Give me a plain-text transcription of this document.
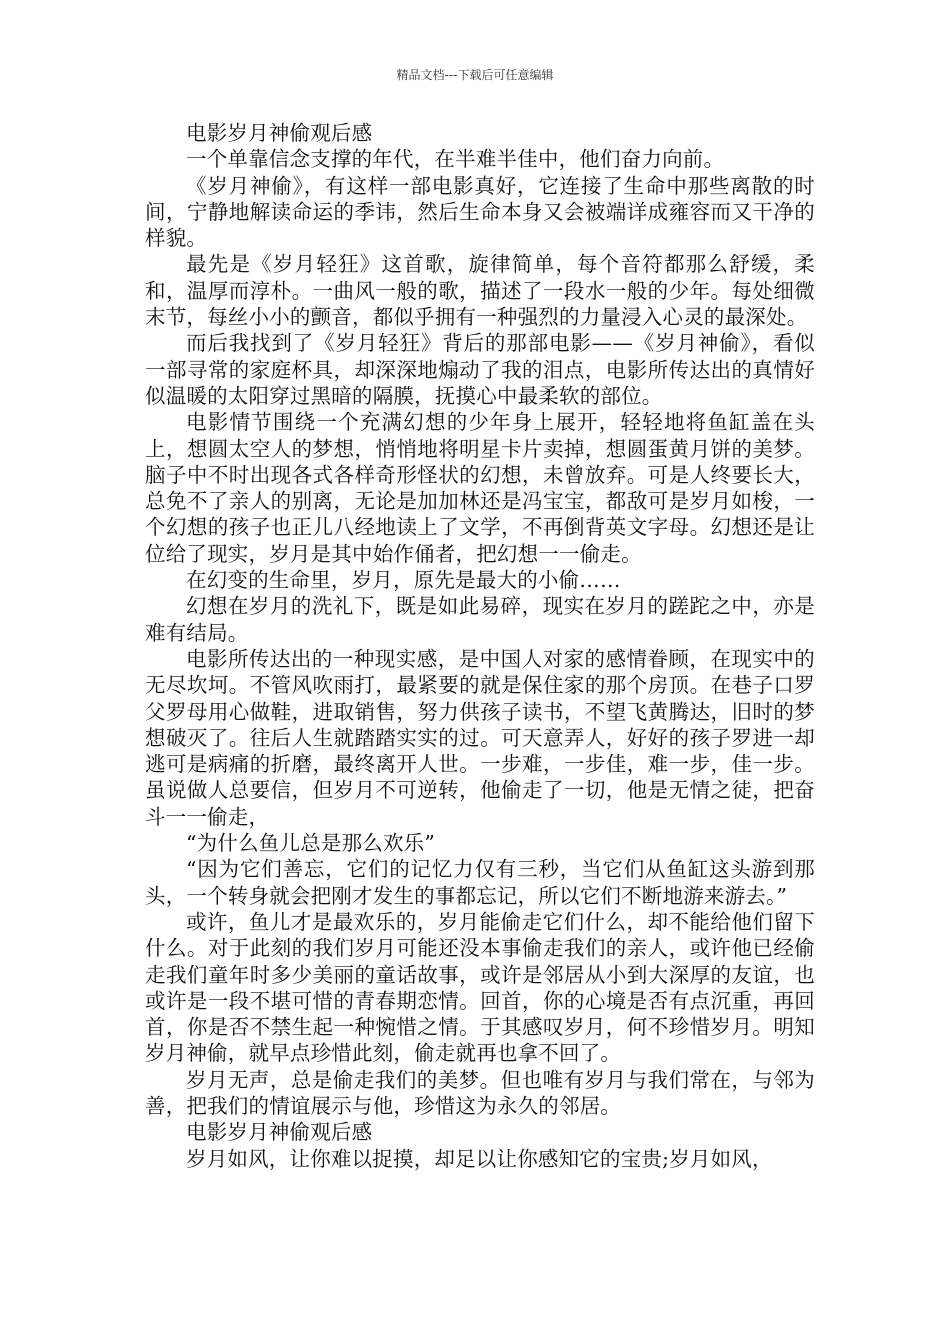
精品文档---下载后可任意编辑

电影岁月神偷观后感

一个单靠信念支撑的年代，在半难半佳中，他们奋力向前。

《岁月神偷》，有这样一部电影真好，它连接了生命中那些离散的时间，宁静地解读命运的季讳，然后生命本身又会被端详成雍容而又干净的样貌。

最先是《岁月轻狂》这首歌，旋律简单，每个音符都那么舒缓，柔和，温厚而淳朴。一曲风一般的歌，描述了一段水一般的少年。每处细微末节，每丝小小的颤音，都似乎拥有一种强烈的力量浸入心灵的最深处。

而后我找到了《岁月轻狂》背后的那部电影——《岁月神偷》，看似一部寻常的家庭杯具，却深深地煽动了我的泪点，电影所传达出的真情好似温暖的太阳穿过黑暗的隔膜，抚摸心中最柔软的部位。

电影情节围绕一个充满幻想的少年身上展开，轻轻地将鱼缸盖在头上，想圆太空人的梦想，悄悄地将明星卡片卖掉，想圆蛋黄月饼的美梦。脑子中不时出现各式各样奇形怪状的幻想，未曾放弃。可是人终要长大，总免不了亲人的别离，无论是加加林还是冯宝宝，都敌可是岁月如梭，一个幻想的孩子也正儿八经地读上了文学，不再倒背英文字母。幻想还是让位给了现实，岁月是其中始作俑者，把幻想一一偷走。

在幻变的生命里，岁月，原先是最大的小偷……

幻想在岁月的洗礼下，既是如此易碎，现实在岁月的蹉跎之中，亦是难有结局。

电影所传达出的一种现实感，是中国人对家的感情眷顾，在现实中的无尽坎坷。不管风吹雨打，最紧要的就是保住家的那个房顶。在巷子口罗父罗母用心做鞋，进取销售，努力供孩子读书，不望飞黄腾达，旧时的梦想破灭了。往后人生就踏踏实实的过。可天意弄人，好好的孩子罗进一却逃可是病痛的折磨，最终离开人世。一步难，一步佳，难一步，佳一步。虽说做人总要信，但岁月不可逆转，他偷走了一切，他是无情之徒，把奋斗一一偷走，

“为什么鱼儿总是那么欢乐”

“因为它们善忘，它们的记忆力仅有三秒，当它们从鱼缸这头游到那头，一个转身就会把刚才发生的事都忘记，所以它们不断地游来游去。”

或许，鱼儿才是最欢乐的，岁月能偷走它们什么，却不能给他们留下什么。对于此刻的我们岁月可能还没本事偷走我们的亲人，或许他已经偷走我们童年时多少美丽的童话故事，或许是邻居从小到大深厚的友谊，也或许是一段不堪可惜的青春期恋情。回首，你的心境是否有点沉重，再回首，你是否不禁生起一种惋惜之情。于其感叹岁月，何不珍惜岁月。明知岁月神偷，就早点珍惜此刻，偷走就再也拿不回了。

岁月无声，总是偷走我们的美梦。但也唯有岁月与我们常在，与邻为善，把我们的情谊展示与他，珍惜这为永久的邻居。

电影岁月神偷观后感

岁月如风，让你难以捉摸，却足以让你感知它的宝贵;岁月如风，
